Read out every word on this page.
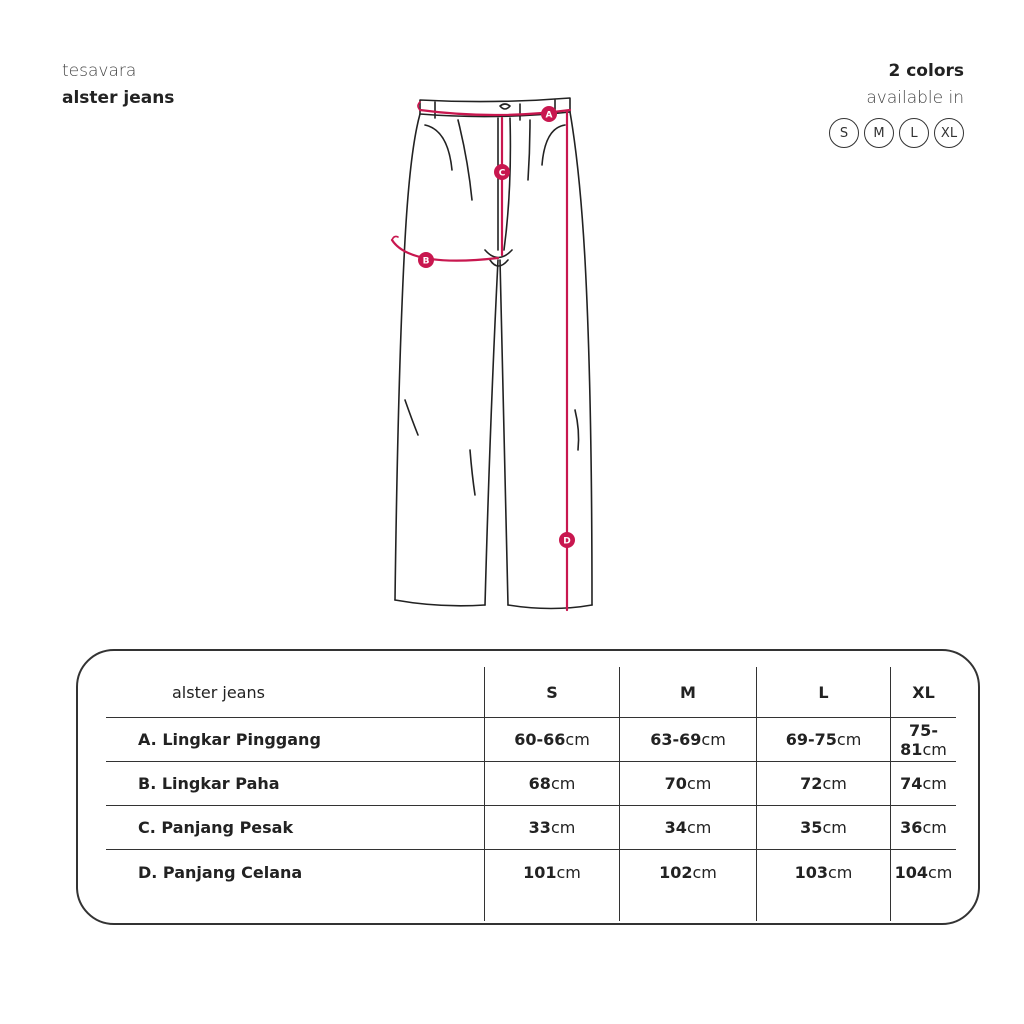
tesavara
alster jeans
2 colors
available in
S	M	L	XL
A
C
B
D
alster jeans	S	M	L	XL
A. Lingkar Pinggang	60-66cm	63-69cm	69-75cm	75-81cm
B. Lingkar Paha	68cm	70cm	72cm	74cm
C. Panjang Pesak	33cm	34cm	35cm	36cm
D. Panjang Celana	101cm	102cm	103cm	104cm
